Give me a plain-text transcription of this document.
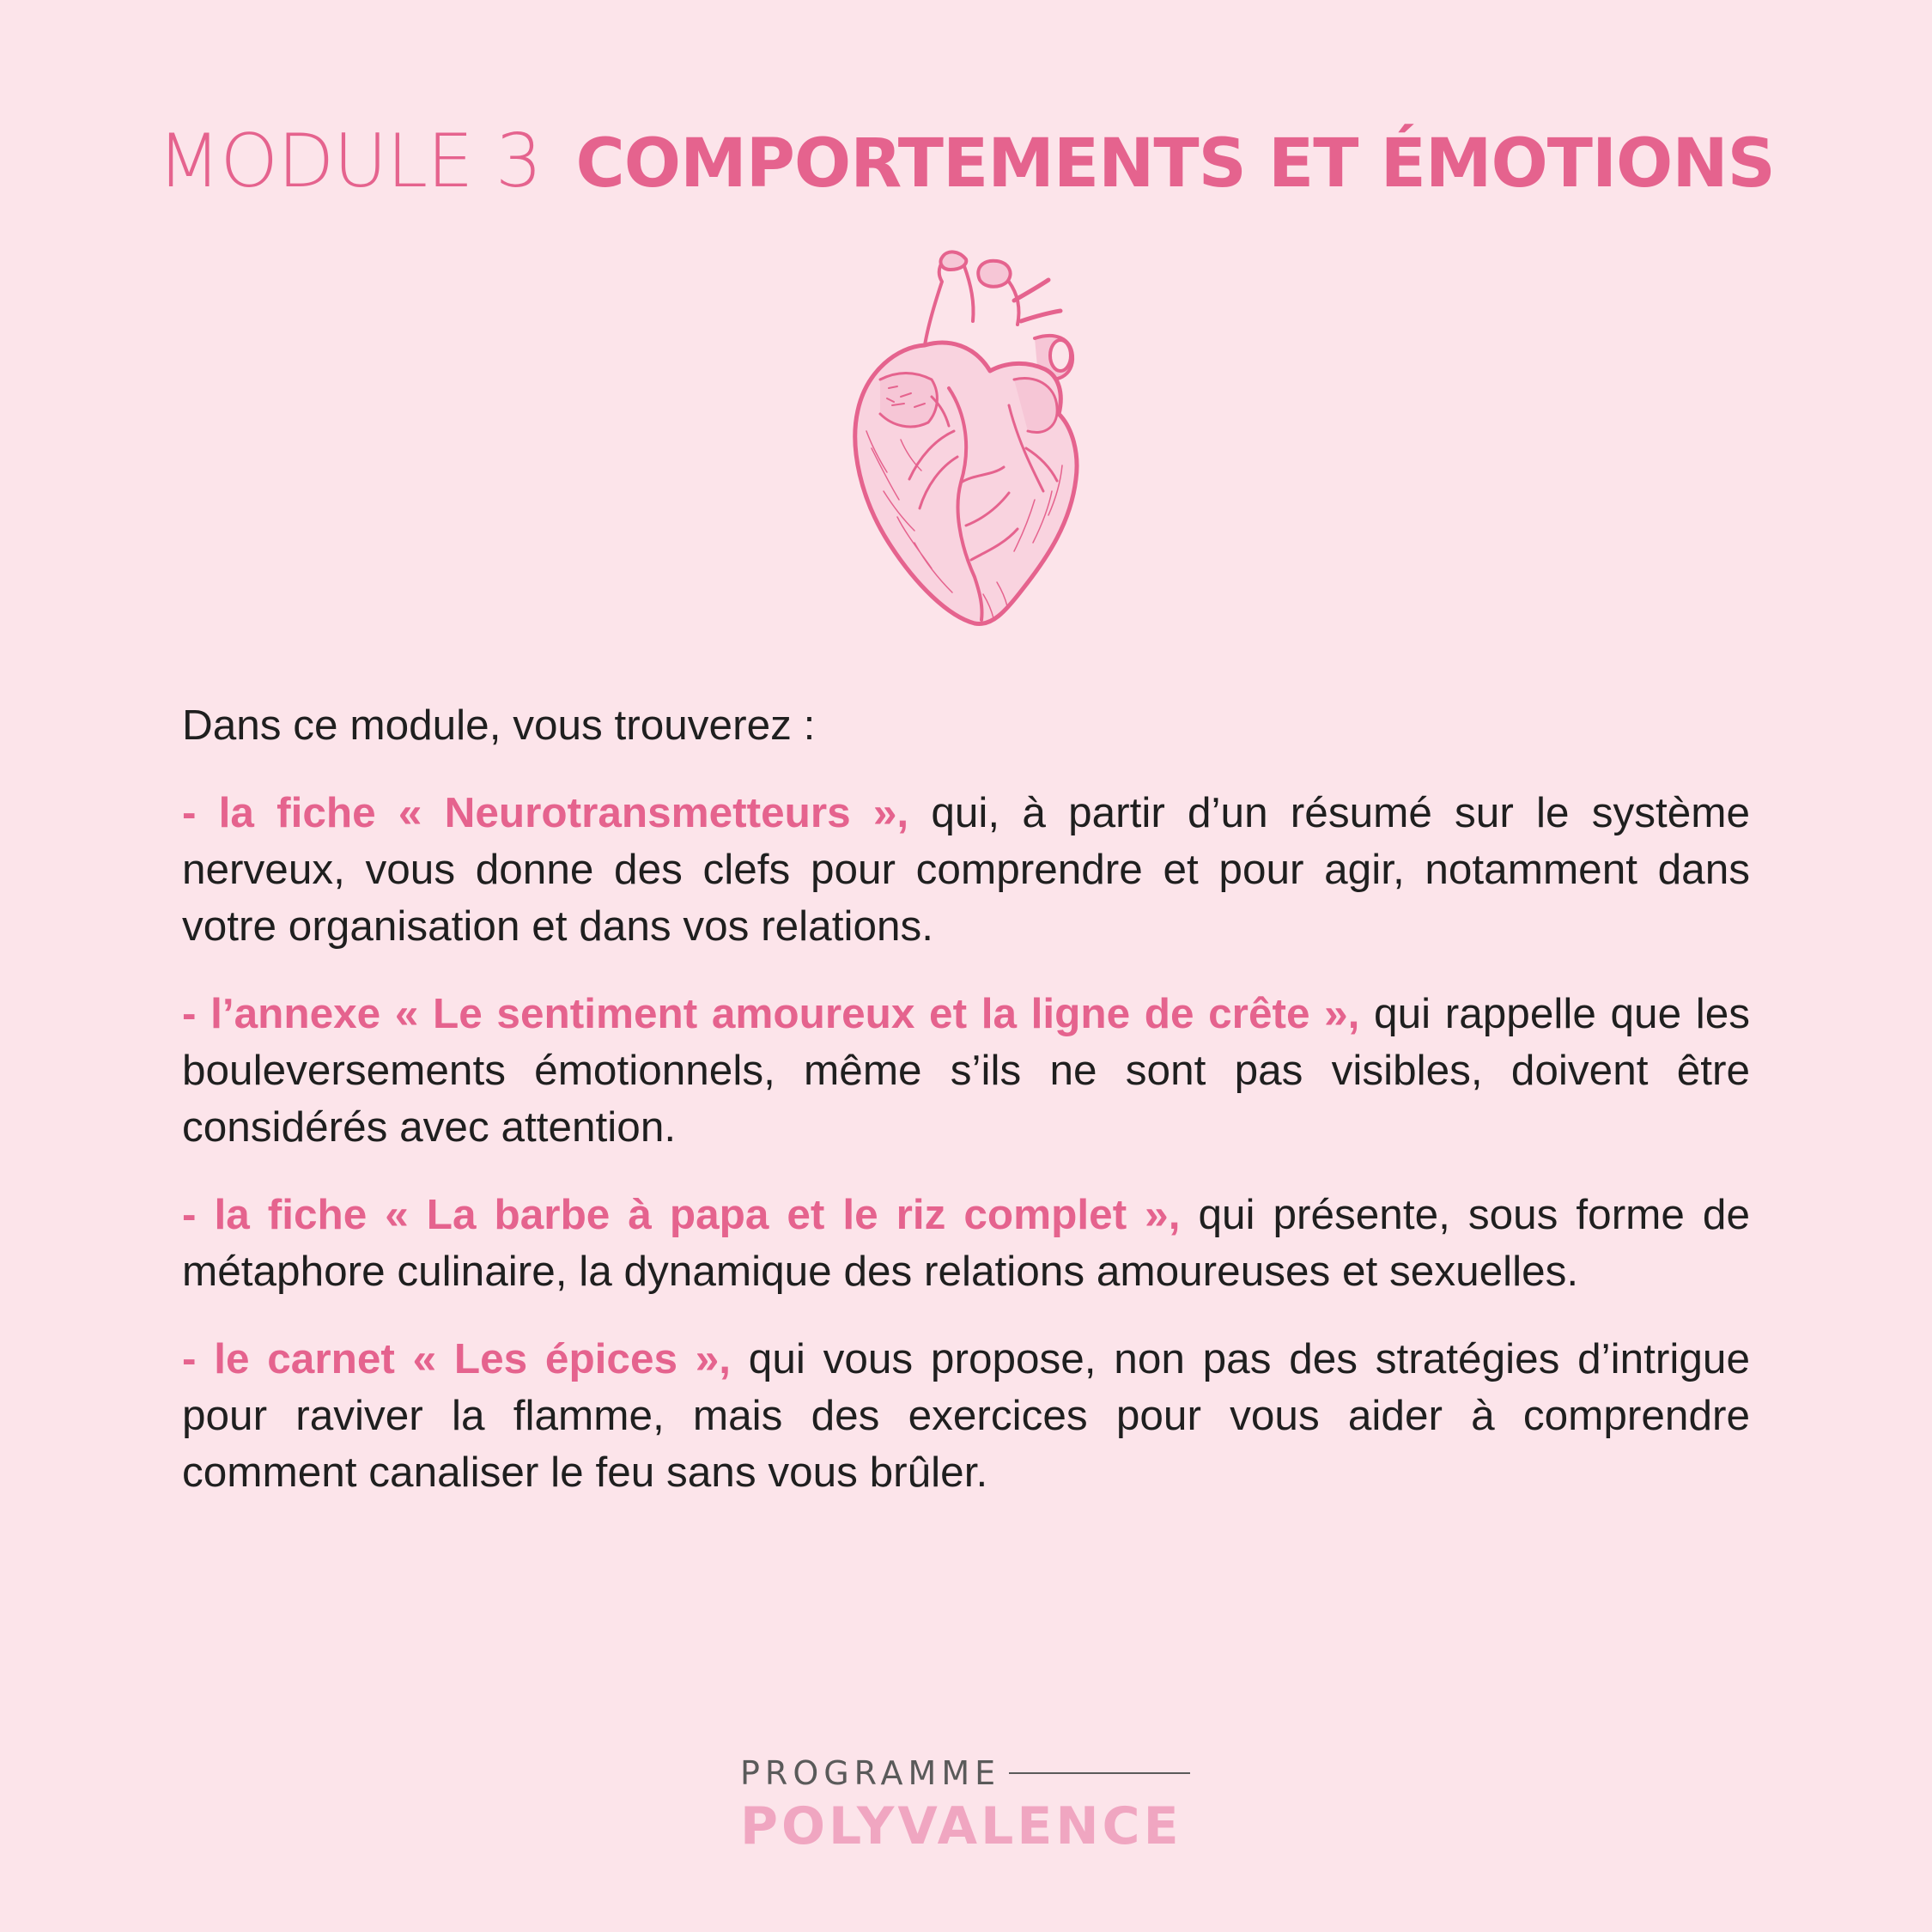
MODULE 3 COMPORTEMENTS ET ÉMOTIONS

Dans ce module, vous trouverez :

- la fiche « Neurotransmetteurs », qui, à partir d’un résumé sur le système nerveux, vous donne des clefs pour comprendre et pour agir, notamment dans votre organisation et dans vos relations.

- l’annexe « Le sentiment amoureux et la ligne de crête », qui rappelle que les bouleversements émotionnels, même s’ils ne sont pas visibles, doivent être considérés avec attention.

- la fiche « La barbe à papa et le riz complet », qui présente, sous forme de métaphore culinaire, la dynamique des relations amoureuses et sexuelles.

- le carnet « Les épices », qui vous propose, non pas des stratégies d’intrigue pour raviver la flamme, mais des exercices pour vous aider à comprendre comment canaliser le feu sans vous brûler.

PROGRAMME
POLYVALENCE
